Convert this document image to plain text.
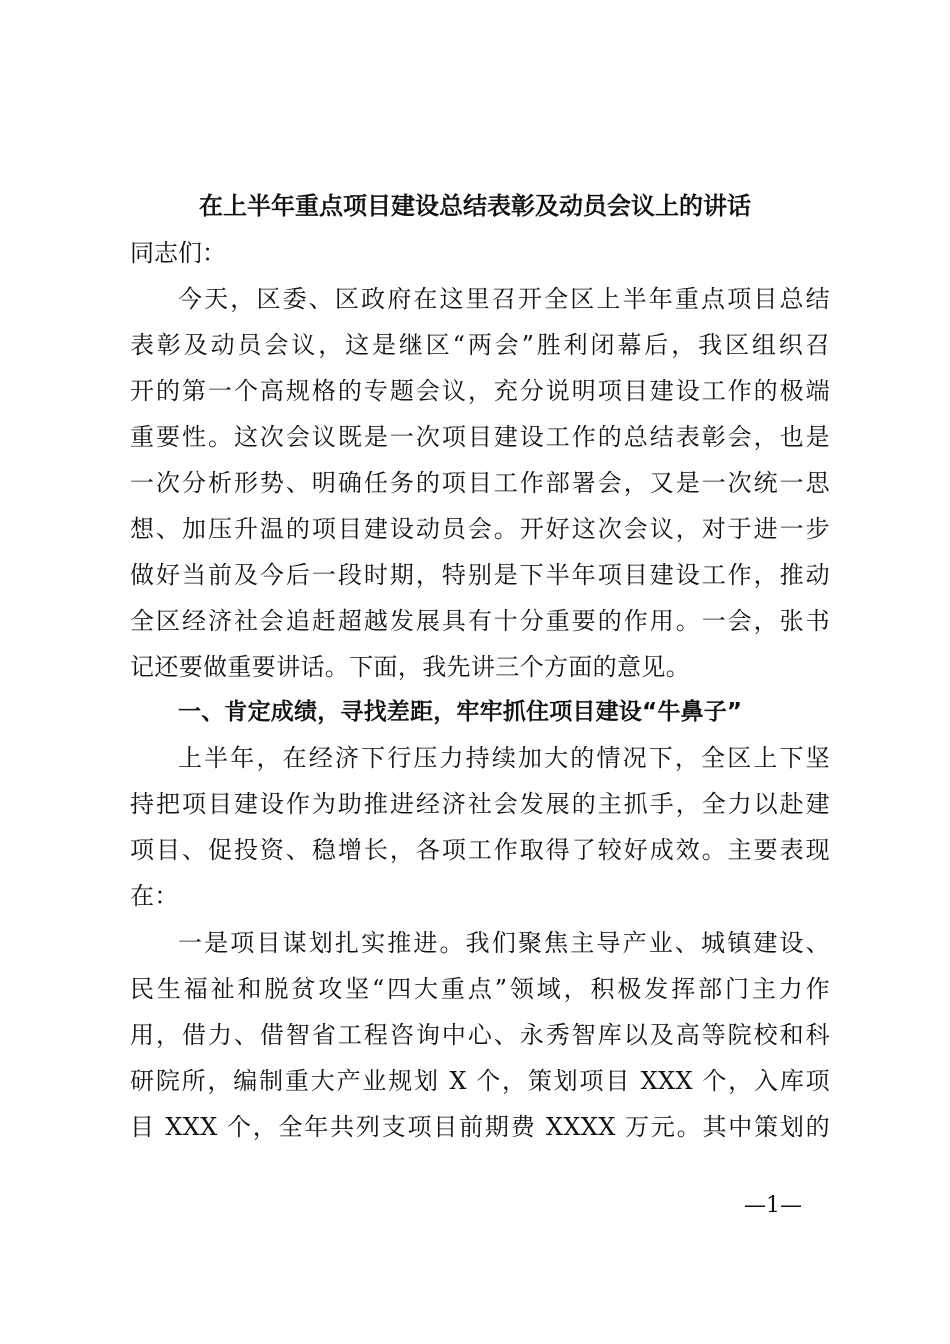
在上半年重点项目建设总结表彰及动员会议上的讲话
同志们：
今天，区委、区政府在这里召开全区上半年重点项目总结
表彰及动员会议，这是继区“两会”胜利闭幕后，我区组织召
开的第一个高规格的专题会议，充分说明项目建设工作的极端
重要性。这次会议既是一次项目建设工作的总结表彰会，也是
一次分析形势、明确任务的项目工作部署会，又是一次统一思
想、加压升温的项目建设动员会。开好这次会议，对于进一步
做好当前及今后一段时期，特别是下半年项目建设工作，推动
全区经济社会追赶超越发展具有十分重要的作用。一会，张书
记还要做重要讲话。下面，我先讲三个方面的意见。
一、肯定成绩，寻找差距，牢牢抓住项目建设“牛鼻子”
上半年，在经济下行压力持续加大的情况下，全区上下坚
持把项目建设作为助推进经济社会发展的主抓手，全力以赴建
项目、促投资、稳增长，各项工作取得了较好成效。主要表现
在：
一是项目谋划扎实推进。我们聚焦主导产业、城镇建设、
民生福祉和脱贫攻坚“四大重点”领域，积极发挥部门主力作
用，借力、借智省工程咨询中心、永秀智库以及高等院校和科
研院所，编制重大产业规划 X 个，策划项目 XXX 个，入库项
目 XXX 个，全年共列支项目前期费 XXXX 万元。其中策划的
—1—
